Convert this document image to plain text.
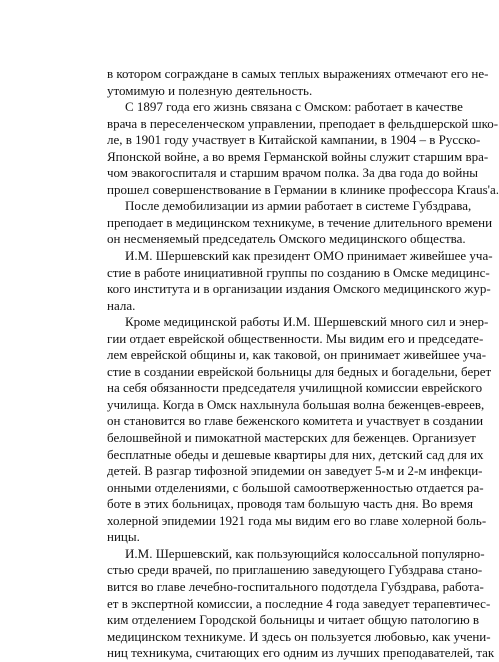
в котором сограждане в самых теплых выражениях отмечают его не-
утомимую и полезную деятельность.
С 1897 года его жизнь связана с Омском: работает в качестве
врача в переселенческом управлении, преподает в фельдшерской шко-
ле, в 1901 году участвует в Китайской кампании, в 1904 – в Русско-
Японской войне, а во время Германской войны служит старшим вра-
чом эвакогоспиталя и старшим врачом полка. За два года до войны
прошел совершенствование в Германии в клинике профессора Kraus'a.
После демобилизации из армии работает в системе Губздрава,
преподает в медицинском техникуме, в течение длительного времени
он несменяемый председатель Омского медицинского общества.
И.М. Шершевский как президент ОМО принимает живейшее уча-
стие в работе инициативной группы по созданию в Омске медицинс-
кого института и в организации издания Омского медицинского жур-
нала.
Кроме медицинской работы И.М. Шершевский много сил и энер-
гии отдает еврейской общественности. Мы видим его и председате-
лем еврейской общины и, как таковой, он принимает живейшее уча-
стие в создании еврейской больницы для бедных и богадельни, берет
на себя обязанности председателя училищной комиссии еврейского
училища. Когда в Омск нахлынула большая волна беженцев-евреев,
он становится во главе беженского комитета и участвует в создании
белошвейной и пимокатной мастерских для беженцев. Организует
бесплатные обеды и дешевые квартиры для них, детский сад для их
детей. В разгар тифозной эпидемии он заведует 5-м и 2-м инфекци-
онными отделениями, с большой самоотверженностью отдается ра-
боте в этих больницах, проводя там большую часть дня. Во время
холерной эпидемии 1921 года мы видим его во главе холерной боль-
ницы.
И.М. Шершевский, как пользующийся колоссальной популярно-
стью среди врачей, по приглашению заведующего Губздрава стано-
вится во главе лечебно-госпитального подотдела Губздрава, работа-
ет в экспертной комиссии, а последние 4 года заведует терапевтичес-
ким отделением Городской больницы и читает общую патологию в
медицинском техникуме. И здесь он пользуется любовью, как учени-
ниц техникума, считающих его одним из лучших преподавателей, так
